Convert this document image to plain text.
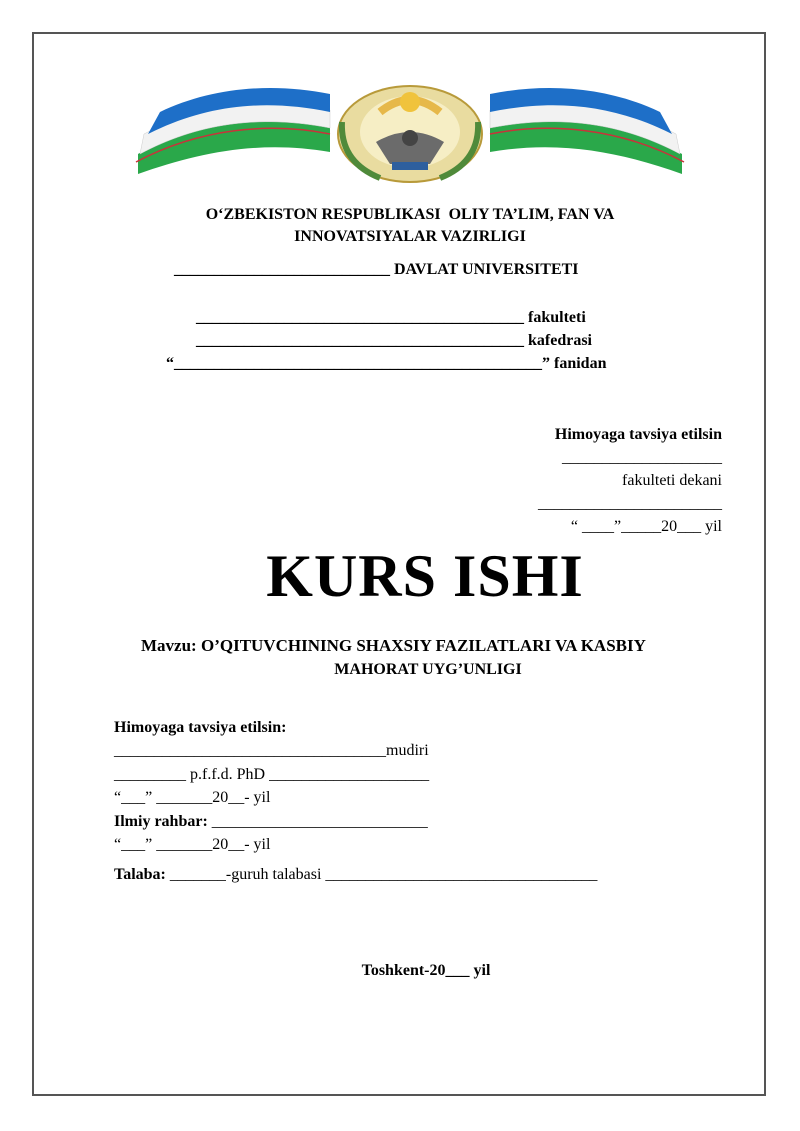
O‘ZBEKISTON RESPUBLIKASI  OLIY TA’LIM, FAN VA
INNOVATSIYALAR VAZIRLIGI
___________________________ DAVLAT UNIVERSITETI
_________________________________________ fakulteti
_________________________________________ kafedrasi
“______________________________________________” fanidan
Himoyaga tavsiya etilsin
____________________
fakulteti dekani
_______________________
“ ____”_____20___ yil
KURS ISHI
Mavzu: O’QITUVCHINING SHAXSIY FAZILATLARI VA KASBIY
MAHORAT UYG’UNLIGI
Himoyaga tavsiya etilsin:
__________________________________mudiri
_________ p.f.f.d. PhD ____________________
“___” _______20__- yil
Ilmiy rahbar: ___________________________
“___” _______20__- yil
Talaba: _______-guruh talabasi __________________________________
Toshkent-20___ yil
